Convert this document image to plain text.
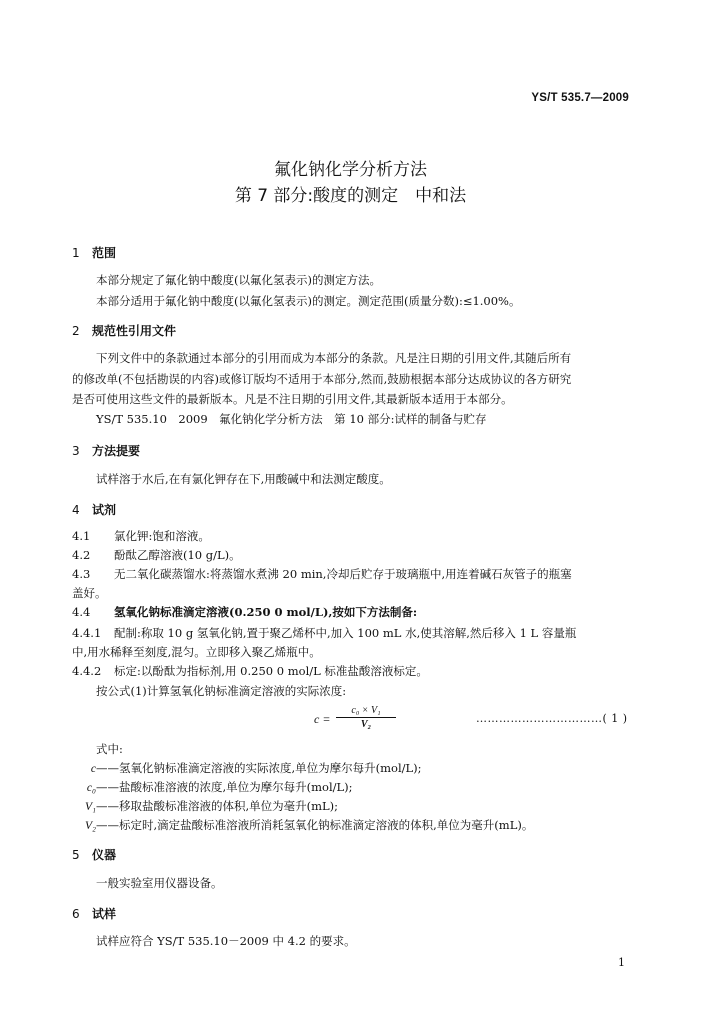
YS/T 535.7—2009
氟化钠化学分析方法
第 7 部分:酸度的测定　中和法
1 范围
本部分规定了氟化钠中酸度(以氟化氢表示)的测定方法。
本部分适用于氟化钠中酸度(以氟化氢表示)的测定。测定范围(质量分数):≤1.00%。
2 规范性引用文件
下列文件中的条款通过本部分的引用而成为本部分的条款。凡是注日期的引用文件,其随后所有
的修改单(不包括勘误的内容)或修订版均不适用于本部分,然而,鼓励根据本部分达成协议的各方研究
是否可使用这些文件的最新版本。凡是不注日期的引用文件,其最新版本适用于本部分。
YS/T 535.10　2009　氟化钠化学分析方法　第 10 部分:试样的制备与贮存
3 方法提要
试样溶于水后,在有氯化钾存在下,用酸碱中和法测定酸度。
4 试剂
4.1 氯化钾:饱和溶液。
4.2 酚酞乙醇溶液(10 g/L)。
4.3 无二氧化碳蒸馏水:将蒸馏水煮沸 20 min,冷却后贮存于玻璃瓶中,用连着碱石灰管子的瓶塞
盖好。
4.4 氢氧化钠标准滴定溶液(0.250 0 mol/L),按如下方法制备:
4.4.1 配制:称取 10 g 氢氧化钠,置于聚乙烯杯中,加入 100 mL 水,使其溶解,然后移入 1 L 容量瓶
中,用水稀释至刻度,混匀。立即移入聚乙烯瓶中。
4.4.2 标定:以酚酞为指标剂,用 0.250 0 mol/L 标准盐酸溶液标定。
按公式(1)计算氢氧化钠标准滴定溶液的实际浓度:
$c = \frac{\text{c₀ × V₁}}{\text{V₂}}$	……………………………( 1 )
式中:
c——氢氧化钠标准滴定溶液的实际浓度,单位为摩尔每升(mol/L);
c₀——盐酸标准溶液的浓度,单位为摩尔每升(mol/L);
V₁——移取盐酸标准溶液的体积,单位为毫升(mL);
V₂——标定时,滴定盐酸标准溶液所消耗氢氧化钠标准滴定溶液的体积,单位为毫升(mL)。
5 仪器
一般实验室用仪器设备。
6 试样
试样应符合 YS/T 535.10－2009 中 4.2 的要求。
1
